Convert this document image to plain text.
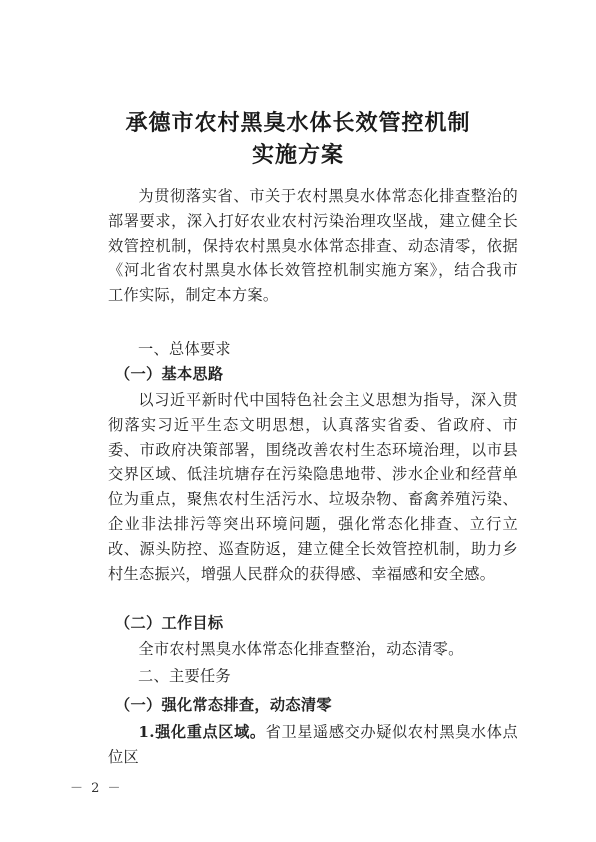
承德市农村黑臭水体长效管控机制
实施方案
为贯彻落实省、市关于农村黑臭水体常态化排查整治的部署要求，深入打好农业农村污染治理攻坚战，建立健全长效管控机制，保持农村黑臭水体常态排查、动态清零，依据《河北省农村黑臭水体长效管控机制实施方案》，结合我市工作实际，制定本方案。
一、总体要求
（一）基本思路
以习近平新时代中国特色社会主义思想为指导，深入贯彻落实习近平生态文明思想，认真落实省委、省政府、市委、市政府决策部署，围绕改善农村生态环境治理，以市县交界区域、低洼坑塘存在污染隐患地带、涉水企业和经营单位为重点，聚焦农村生活污水、垃圾杂物、畜禽养殖污染、企业非法排污等突出环境问题，强化常态化排查、立行立改、源头防控、巡查防返，建立健全长效管控机制，助力乡村生态振兴，增强人民群众的获得感、幸福感和安全感。
（二）工作目标
全市农村黑臭水体常态化排查整治，动态清零。
二、主要任务
（一）强化常态排查，动态清零
1.强化重点区域。省卫星遥感交办疑似农村黑臭水体点位区
－ 2 －
